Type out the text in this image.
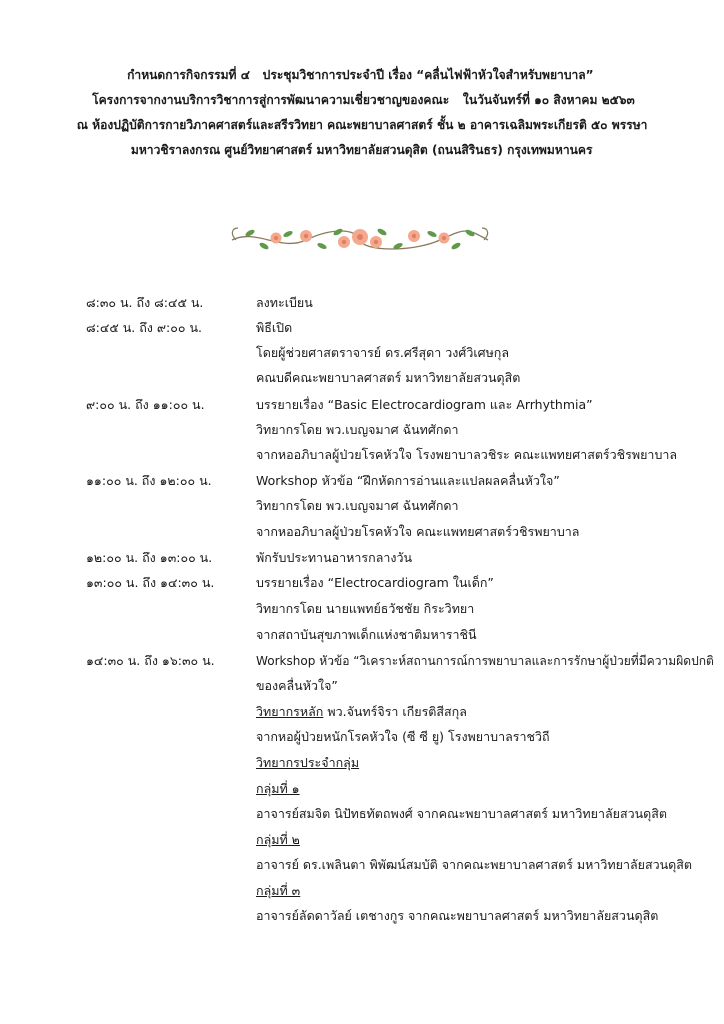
กำหนดการกิจกรรมที่ ๔ ประชุมวิชาการประจำปี เรื่อง “คลื่นไฟฟ้าหัวใจสำหรับพยาบาล” โครงการจากงานบริการวิชาการสู่การพัฒนาความเชี่ยวชาญของคณะ ในวันจันทร์ที่ ๑๐ สิงหาคม ๒๕๖๓ ณ ห้องปฏิบัติการกายวิภาคศาสตร์และสรีรวิทยา คณะพยาบาลศาสตร์ ชั้น ๒ อาคารเฉลิมพระเกียรติ ๕๐ พรรษา มหาวชิราลงกรณ ศูนย์วิทยาศาสตร์ มหาวิทยาลัยสวนดุสิต (ถนนสิรินธร) กรุงเทพมหานคร
๘:๓๐ น. ถึง ๘:๔๕ น.	ลงทะเบียน
๘:๔๕ น. ถึง ๙:๐๐ น.	พิธีเปิด
โดยผู้ช่วยศาสตราจารย์ ดร.ศรีสุดา วงศ์วิเศษกุล
คณบดีคณะพยาบาลศาสตร์ มหาวิทยาลัยสวนดุสิต
๙:๐๐ น. ถึง ๑๑:๐๐ น.	บรรยายเรื่อง “Basic Electrocardiogram และ Arrhythmia”
วิทยากรโดย พว.เบญจมาศ ฉันทศักดา
จากหออภิบาลผู้ป่วยโรคหัวใจ โรงพยาบาลวชิระ คณะแพทยศาสตร์วชิรพยาบาล
๑๑:๐๐ น. ถึง ๑๒:๐๐ น.	Workshop หัวข้อ “ฝึกหัดการอ่านและแปลผลคลื่นหัวใจ”
วิทยากรโดย พว.เบญจมาศ ฉันทศักดา
จากหออภิบาลผู้ป่วยโรคหัวใจ คณะแพทยศาสตร์วชิรพยาบาล
๑๒:๐๐ น. ถึง ๑๓:๐๐ น.	พักรับประทานอาหารกลางวัน
๑๓:๐๐ น. ถึง ๑๔:๓๐ น.	บรรยายเรื่อง “Electrocardiogram ในเด็ก”
วิทยากรโดย นายแพทย์ธวัชชัย กิระวิทยา
จากสถาบันสุขภาพเด็กแห่งชาติมหาราชินี
๑๔:๓๐ น. ถึง ๑๖:๓๐ น.	Workshop หัวข้อ “วิเคราะห์สถานการณ์การพยาบาลและการรักษาผู้ป่วยที่มีความผิดปกติ
ของคลื่นหัวใจ”
วิทยากรหลัก พว.จันทร์จิรา เกียรติสีสกุล
จากหอผู้ป่วยหนักโรคหัวใจ (ซี ซี ยู) โรงพยาบาลราชวิถี
วิทยากรประจำกลุ่ม
กลุ่มที่ ๑
อาจารย์สมจิต นิปัทธทัตถพงศ์ จากคณะพยาบาลศาสตร์ มหาวิทยาลัยสวนดุสิต
กลุ่มที่ ๒
อาจารย์ ดร.เพลินตา พิพัฒน์สมบัติ จากคณะพยาบาลศาสตร์ มหาวิทยาลัยสวนดุสิต
กลุ่มที่ ๓
อาจารย์ลัดดาวัลย์ เตชางกูร จากคณะพยาบาลศาสตร์ มหาวิทยาลัยสวนดุสิต
